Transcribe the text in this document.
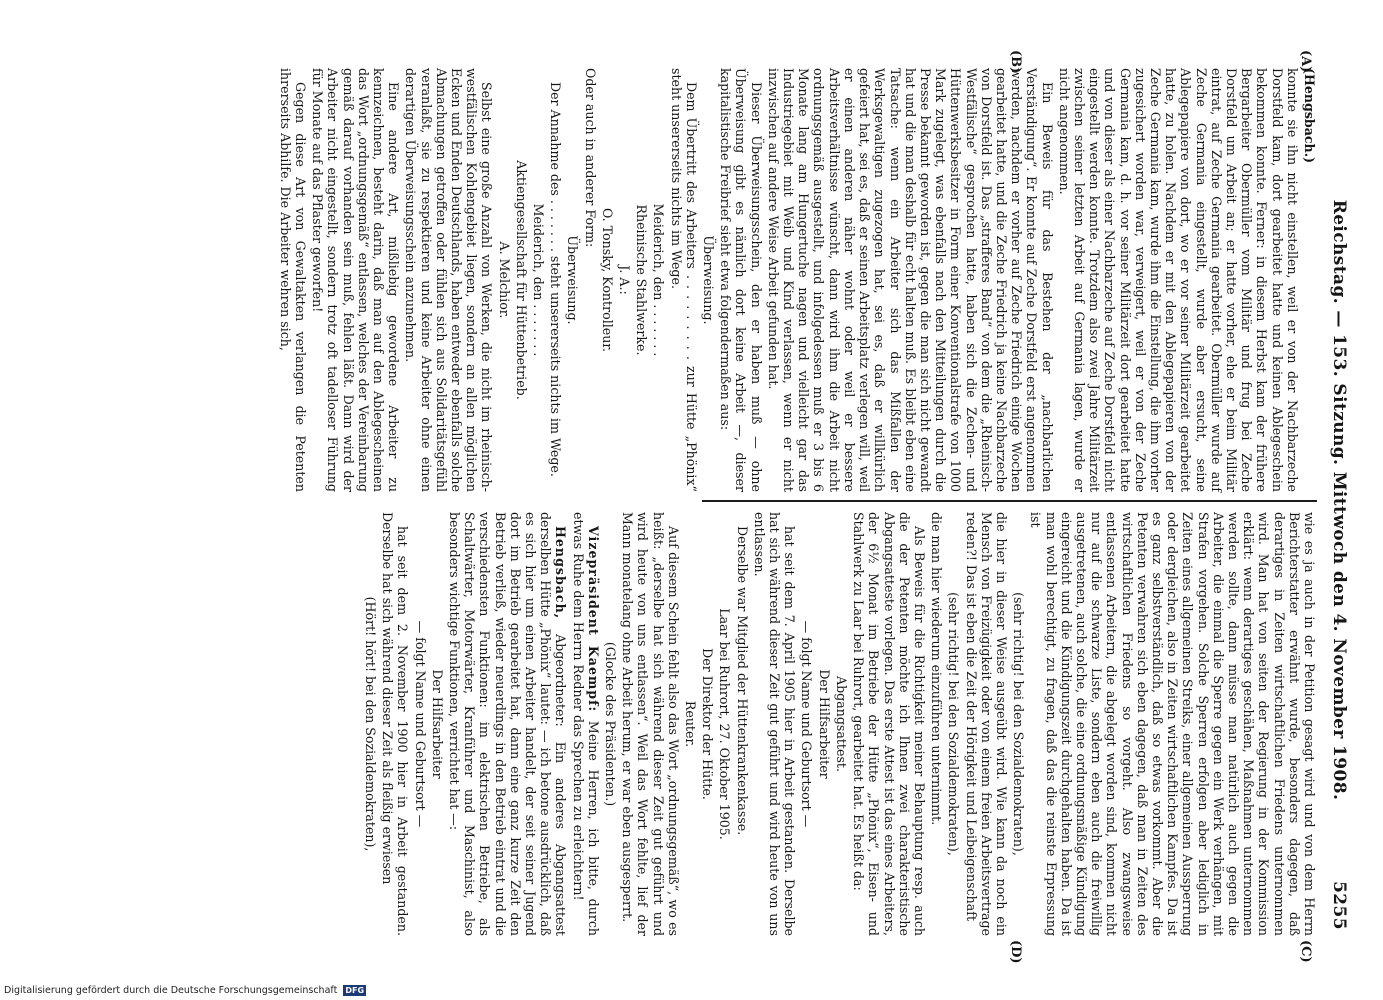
Reichstag. — 153. Sitzung. Mittwoch den 4. November 1908.
5255
(A)
(B)
(C)
(D)

(Hengsbach.)

konnte sie ihn nicht einstellen, weil er von der Nachbarzeche Dorstfeld kam, dort gearbeitet hatte und keinen Ablegeschein bekommen konnte. Ferner: in diesem Herbst kam der frühere Bergarbeiter Obermüller vom Militär und frug bei Zeche Dorstfeld um Arbeit an; er hatte vorher, ehe er beim Militär eintrat, auf Zeche Germania gearbeitet. Obermüller wurde auf Zeche Germania eingestellt, wurde aber ersucht, seine Ablegepapiere von dort, wo er vor seiner Militärzeit gearbeitet hatte, zu holen. Nachdem er mit den Ablegepapieren von der Zeche Germania kam, wurde ihm die Einstellung, die ihm vorher zugesichert worden war, verweigert, weil er von der Zeche Germania kam, d. h. vor seiner Militärzeit dort gearbeitet hatte und von dieser als einer Nachbarzeche auf Zeche Dorstfeld nicht eingestellt werden konnte. Trotzdem also zwei Jahre Militärzeit zwischen seiner letzten Arbeit auf Germania lagen, wurde er nicht angenommen.

Ein Beweis für das Bestehen der „nachbarlichen Verständigung“. Er konnte auf Zeche Dorstfeld erst angenommen werden, nachdem er vorher auf Zeche Friedrich einige Wochen gearbeitet hatte, und die Zeche Friedrich ja keine Nachbarzeche von Dorstfeld ist. Das „strafferes Band“ von dem die „Rheinisch-Westfälische“ gesprochen hatte, haben sich die Zechen- und Hüttenwerksbesitzer in Form einer Konventionalstrafe von 1000 Mark zugelegt, was ebenfalls nach den Mitteilungen durch die Presse bekannt geworden ist, gegen die man sich nicht gewandt hat und die man deshalb für echt halten muß. Es bleibt eben eine Tatsache: wenn ein Arbeiter sich das Mißfallen der Werksgewaltigen zugezogen hat, sei es, daß er willkürlich gefeiert hat, sei es, daß er seinen Arbeitsplatz verlegen will, weil er einen anderen näher wohnt oder weil er bessere Arbeitsverhältnisse wünscht, dann wird ihm die Arbeit nicht ordnungsgemäß ausgestellt, und infolgedessen muß er 3 bis 6 Monate lang am Hungertuche nagen und vielleicht gar das Industriegebiet mit Weib und Kind verlassen, wenn er nicht inzwischen auf andere Weise Arbeit gefunden hat.

Dieser Überweisungsschein, den er haben muß — ohne Überweisung gibt es nämlich dort keine Arbeit —, dieser kapitalistische Freibrief sieht etwa folgendermaßen aus:

Überweisung.

Dem Übertritt des Arbeiters . . . . . . . . . zur Hütte „Phönix“ steht unsererseits nichts im Wege.

Meiderich, den . . . . . . .

Rheinische Stahlwerke.

J. A.:

O. Tonsky, Kontrolleur.

Oder auch in anderer Form:

Überweisung.

Der Annahme des . . . . . . . steht unsererseits nichts im Wege.

Meiderich, den . . . . . . .

Aktiengesellschaft für Hüttenbetrieb.

A. Melchior.

Selbst eine große Anzahl von Werken, die nicht im rheinisch-westfälischen Kohlengebiet liegen, sondern an allen möglichen Ecken und Enden Deutschlands, haben entweder ebenfalls solche Abmachungen getroffen oder fühlen sich aus Solidaritätsgefühl veranlaßt, sie zu respektieren und keine Arbeiter ohne einen derartigen Überweisungsschein anzunehmen.

Eine andere Art, mißliebig gewordene Arbeiter zu kennzeichnen, besteht darin, daß man auf den Ablegescheinen das Wort „ordnungsgemäß“ entlassen, welches der Vereinbarung gemäß darauf vorhanden sein muß, fehlen läßt. Dann wird der Arbeiter nicht eingestellt, sondern trotz oft tadelloser Führung für Monate auf das Pflaster geworfen!

Gegen diese Art von Gewaltakten verlangen die Petenten ihrerseits Abhilfe. Die Arbeiter wehren sich,

wie es ja auch in der Petition gesagt wird und von dem Herrn Berichterstatter erwähnt wurde, besonders dagegen, daß derartiges in Zeiten wirtschaftlichen Friedens unternommen wird. Man hat von seiten der Regierung in der Kommission erklärt: wenn derartiges geschähen, Maßnahmen unternommen werden sollte, dann müsse man natürlich auch gegen die Arbeiter, die einmal die Sperre gegen ein Werk verhängen, mit Strafen vorgehen. Solche Sperren erfolgen aber lediglich in Zeiten eines allgemeinen Streiks, einer allgemeinen Aussperrung oder dergleichen, also in Zeiten wirtschaftlichen Kampfes. Da ist es ganz selbstverständlich, daß so etwas vorkommt. Aber die Petenten verwahren sich eben dagegen, daß man in Zeiten des wirtschaftlichen Friedens so vorgeht. Also zwangsweise entlassenen Arbeitern, die abgelegt worden sind, kommen nicht nur auf die schwarze Liste, sondern eben auch die freiwillig ausgetretenen, auch solche, die eine ordnungsmäßige Kündigung eingereicht und die Kündigungszeit durchgehalten haben. Da ist man wohl berechtigt, zu fragen, daß das die reinste Erpressung ist

(sehr richtig! bei den Sozialdemokraten),

die hier in dieser Weise ausgeübt wird. Wie kann da noch ein Mensch von Freizügigkeit oder von einem freien Arbeitsvertrage reden?! Das ist eben die Zeit der Hörigkeit und Leibeigenschaft

(sehr richtig! bei den Sozialdemokraten),

die man hier wiederum einzuführen unternimmt.

Als Beweis für die Richtigkeit meiner Behauptung resp. auch die der Petenten möchte ich Ihnen zwei charakteristische Abgangsatteste vorlegen. Das erste Attest ist das eines Arbeiters, der 6½ Monat im Betriebe der Hütte „Phönix“, Eisen- und Stahlwerk zu Laar bei Ruhrort, gearbeitet hat. Es heißt da:

Abgangsattest.

Der Hilfsarbeiter

— folgt Name und Geburtsort —

hat seit dem 7. April 1905 hier in Arbeit gestanden. Derselbe hat sich während dieser Zeit gut geführt und wird heute von uns entlassen.

Derselbe war Mitglied der Hüttenkrankenkasse.

Laar bei Ruhrort, 27. Oktober 1905.

Der Direktor der Hütte.

Reuter.

Auf diesem Schein fehlt also das Wort „ordnungsgemäß“, wo es heißt: „derselbe hat sich während dieser Zeit gut geführt und wird heute von uns entlassen“. Weil das Wort fehlte, lief der Mann monatelang ohne Arbeit herum, er war eben ausgesperrt.

(Glocke des Präsidenten.)

Vizepräsident Kaempf: Meine Herren, ich bitte, durch etwas Ruhe dem Herrn Redner das Sprechen zu erleichtern!

Hengsbach, Abgeordneter: Ein anderes Abgangsattest derselben Hütte „Phönix“ lautet: — ich betone ausdrücklich, daß es sich hier um einen Arbeiter handelt, der seit seiner Jugend dort im Betrieb gearbeitet hat, dann eine ganz kurze Zeit den Betrieb verließ, wieder neuerdings in den Betrieb eintrat und die verschiedensten Funktionen: im elektrischen Betriebe, als Schaltwärter, Motorwärter, Kranführer und Maschinist, also besonders wichtige Funktionen, verrichtet hat —:

Der Hilfsarbeiter

— folgt Name und Geburtsort —

hat seit dem 2. November 1900 hier in Arbeit gestanden. Derselbe hat sich während dieser Zeit als fleißig erwiesen

(Hört! hört! bei den Sozialdemokraten),

Digitalisierung gefördert durch die Deutsche Forschungsgemeinschaft DFG
